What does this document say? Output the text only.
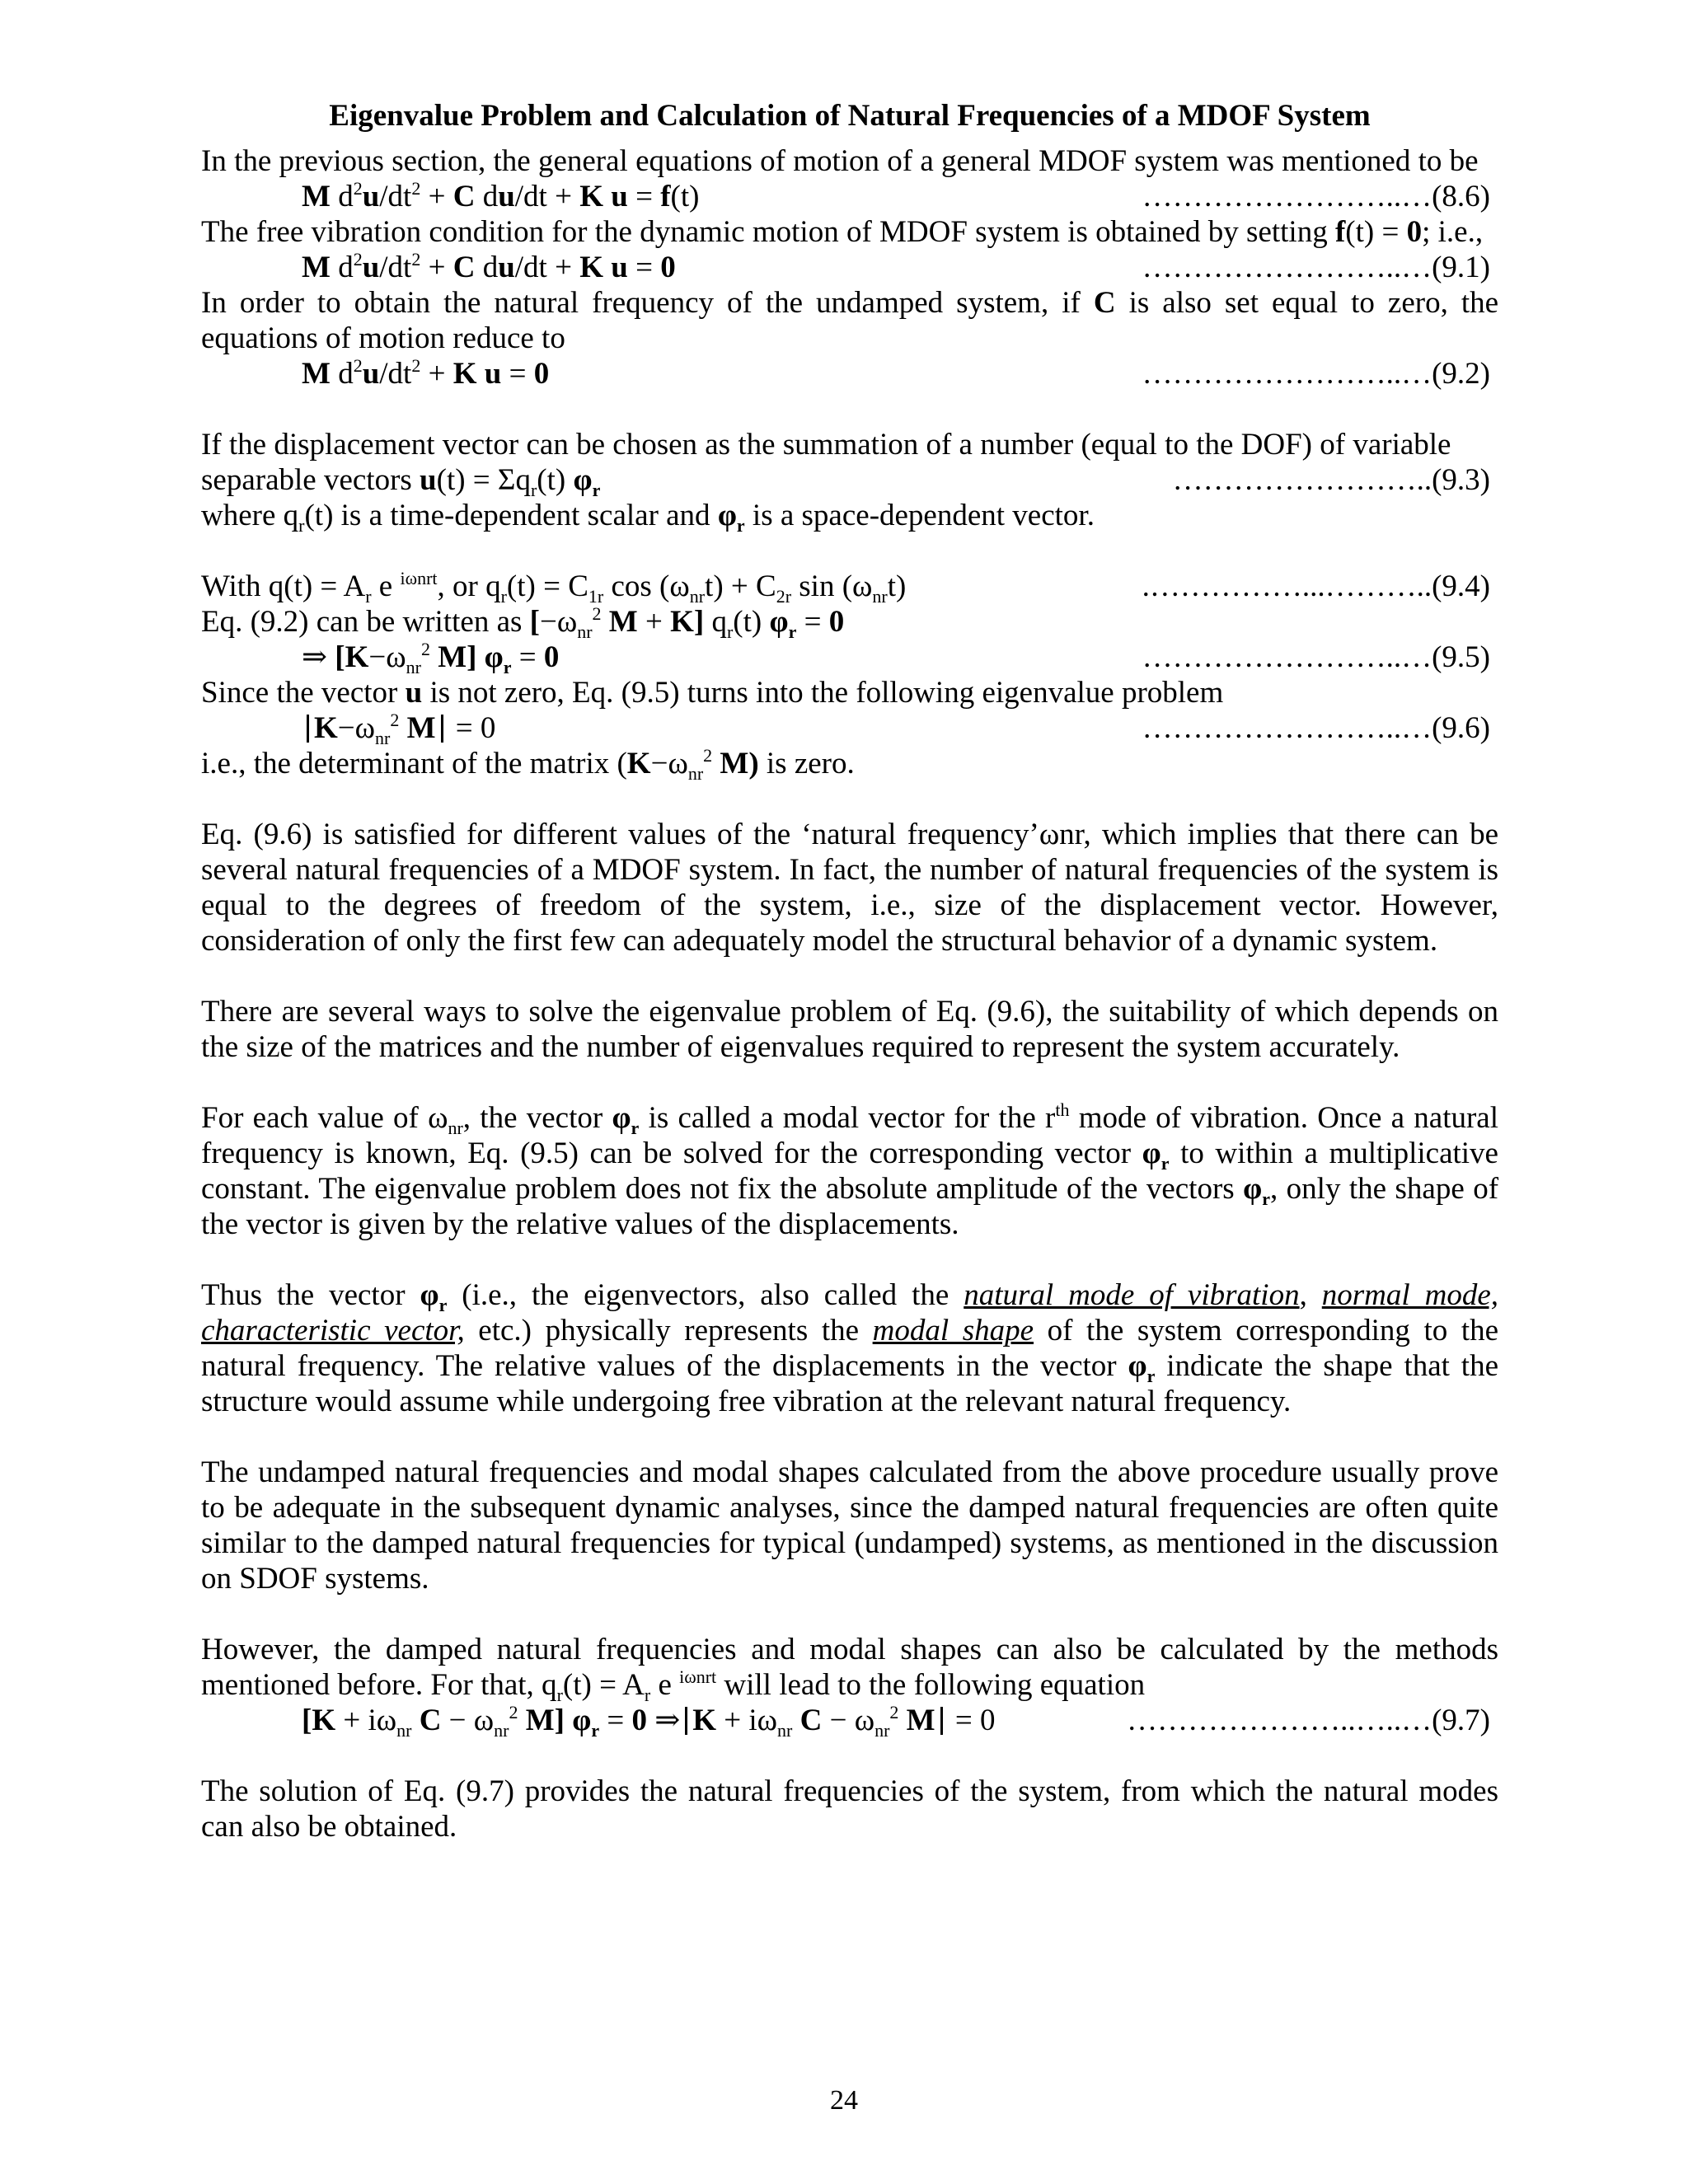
Eigenvalue Problem and Calculation of Natural Frequencies of a MDOF System

In the previous section, the general equations of motion of a general MDOF system was mentioned to be

M $d^2u/dt^2 + C$ du/dt + K u = f(t)	……………………..…(8.6)
The free vibration condition for the dynamic motion of MDOF system is obtained by setting f(t) = 0; i.e.,
M $d^2u/dt^2 + C$ du/dt + K u = 0	……………………..…(9.1)

In order to obtain the natural frequency of the undamped system, if C is also set equal to zero, the equations of motion reduce to

M $d^2u/dt^2 + K$ u = 0	……………………..…(9.2)

If the displacement vector can be chosen as the summation of a number (equal to the DOF) of variable

separable vectors $u(t) = \Sigma q_r(t)$ $\varphi_r$	……………………..(9.3)
where $q_r(t)$ is a time-dependent scalar and $\varphi_r$ is a space-dependent vector.
With $q(t) = A_r$ e $^{i\omega nrt}$, or $q_r(t) = C_{1r}$ $\cos (\omega_{nr}t) + C_{2r}$ $\sin (\omega_{nr}t)$	.……………...………..(9.4)
Eq. (9.2) can be written as [$-\omega_{nr}^2$ M + K] $q_r(t) \varphi_r = 0$
⇒ [$K-\omega_{nr}^2$ M] $\varphi_r = 0$	……………………..…(9.5)
Since the vector u is not zero, Eq. (9.5) turns into the following eigenvalue problem
$K-\omega_{nr}^2$ M = 0	……………………..…(9.6)
i.e., the determinant of the matrix ($K-\omega_{nr}^2$ M) is zero.

Eq. (9.6) is satisfied for different values of the ‘natural frequency’ωnr, which implies that there can be several natural frequencies of a MDOF system. In fact, the number of natural frequencies of the system is equal to the degrees of freedom of the system, i.e., size of the displacement vector. However, consideration of only the first few can adequately model the structural behavior of a dynamic system.

There are several ways to solve the eigenvalue problem of Eq. (9.6), the suitability of which depends on the size of the matrices and the number of eigenvalues required to represent the system accurately.

For each value of $\omega_{nr}$, the vector $\varphi_r$ is called a modal vector for the $r^{th}$ mode of vibration. Once a natural frequency is known, Eq. (9.5) can be solved for the corresponding vector $\varphi_r$ to within a multiplicative constant. The eigenvalue problem does not fix the absolute amplitude of the vectors $\varphi_r$, only the shape of the vector is given by the relative values of the displacements.

Thus the vector $\varphi_r$ (i.e., the eigenvectors, also called the natural mode of vibration, normal mode, characteristic vector, etc.) physically represents the modal shape of the system corresponding to the natural frequency. The relative values of the displacements in the vector $\varphi_r$ indicate the shape that the structure would assume while undergoing free vibration at the relevant natural frequency.

The undamped natural frequencies and modal shapes calculated from the above procedure usually prove to be adequate in the subsequent dynamic analyses, since the damped natural frequencies are often quite similar to the damped natural frequencies for typical (undamped) systems, as mentioned in the discussion on SDOF systems.

However, the damped natural frequencies and modal shapes can also be calculated by the methods mentioned before. For that, $q_r(t) = A_r$ e $^{i\omega nrt}$ will lead to the following equation

[$K + i\omega_{nr}$ $C - \omega_{nr}^2$ M] $\varphi_r = 0$ ⇒ $K + i\omega_{nr}$ $C - \omega_{nr}^2$ M = 0	…………………..…..…(9.7)

The solution of Eq. (9.7) provides the natural frequencies of the system, from which the natural modes can also be obtained.

24
